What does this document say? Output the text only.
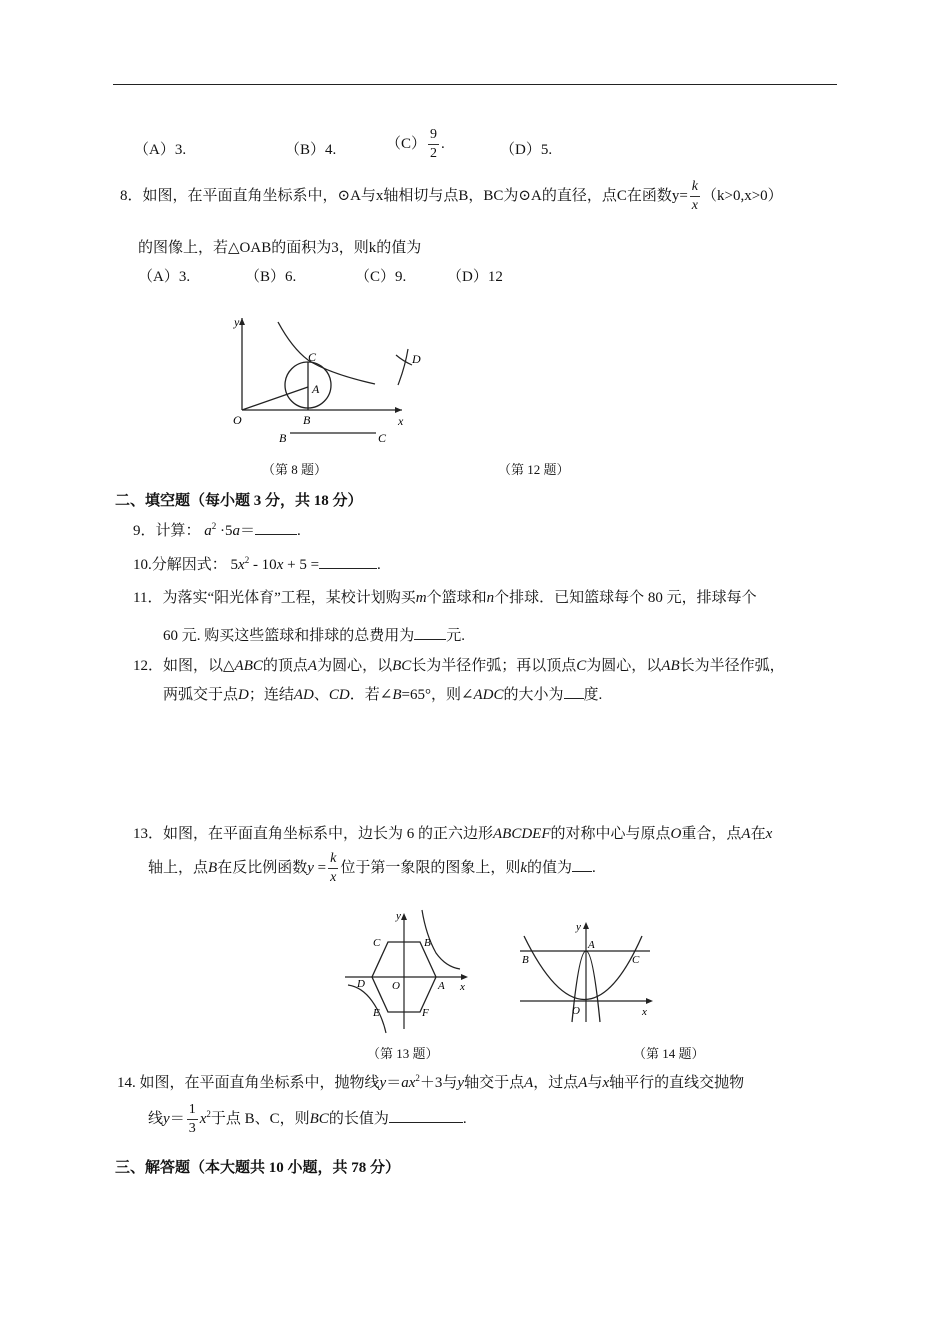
（A）3.	（B）4.	$(C) \frac{9}{2}$ .	（D）5.
8．如图，在平面直角坐标系中，⊙A与x轴相切与点B，BC为⊙A的直径，点C在函数$y= \frac{k}{x} (k>0,x>0)$
的图像上，若△OAB的面积为3，则k的值为
（A）3.	（B）6.	（C）9.	（D）12
y
x
O
A
B
C
B	C
D
（第 8 题）	（第 12 题）
二、填空题（每小题 3 分，共 18 分）
9．计算： $a^2 \cdot 5a=$	.
10.分解因式： $5x^2 - 10x + 5$ =	.
11．为落实“阳光体育”工程，某校计划购买m个篮球和n个排球．已知篮球每个 80 元，排球每个
60 元. 购买这些篮球和排球的总费用为 元.
12．如图，以△ABC的顶点A为圆心，以BC长为半径作弧；再以顶点C为圆心，以AB长为半径作弧，
两弧交于点D；连结AD、CD．若∠B=65°，则∠ADC的大小为 度.
13．如图，在平面直角坐标系中，边长为 6 的正六边形ABCDEF的对称中心与原点O重合，点A在x
轴上，点B在反比例函数$y = \frac{k}{x}$ 位于第一象限的图象上，则k的值为 .
y
x
O	A
B
C
D
E	F
y
x
O
A
B	C
（第 13 题）	（第 14 题）
14. 如图，在平面直角坐标系中，抛物线$y=ax^2+3$与y轴交于点A，过点A与x轴平行的直线交抛物
线$y= \frac{1}{3} x^2$于点 B、C，则BC的长值为	.
三、解答题（本大题共 10 小题，共 78 分）
